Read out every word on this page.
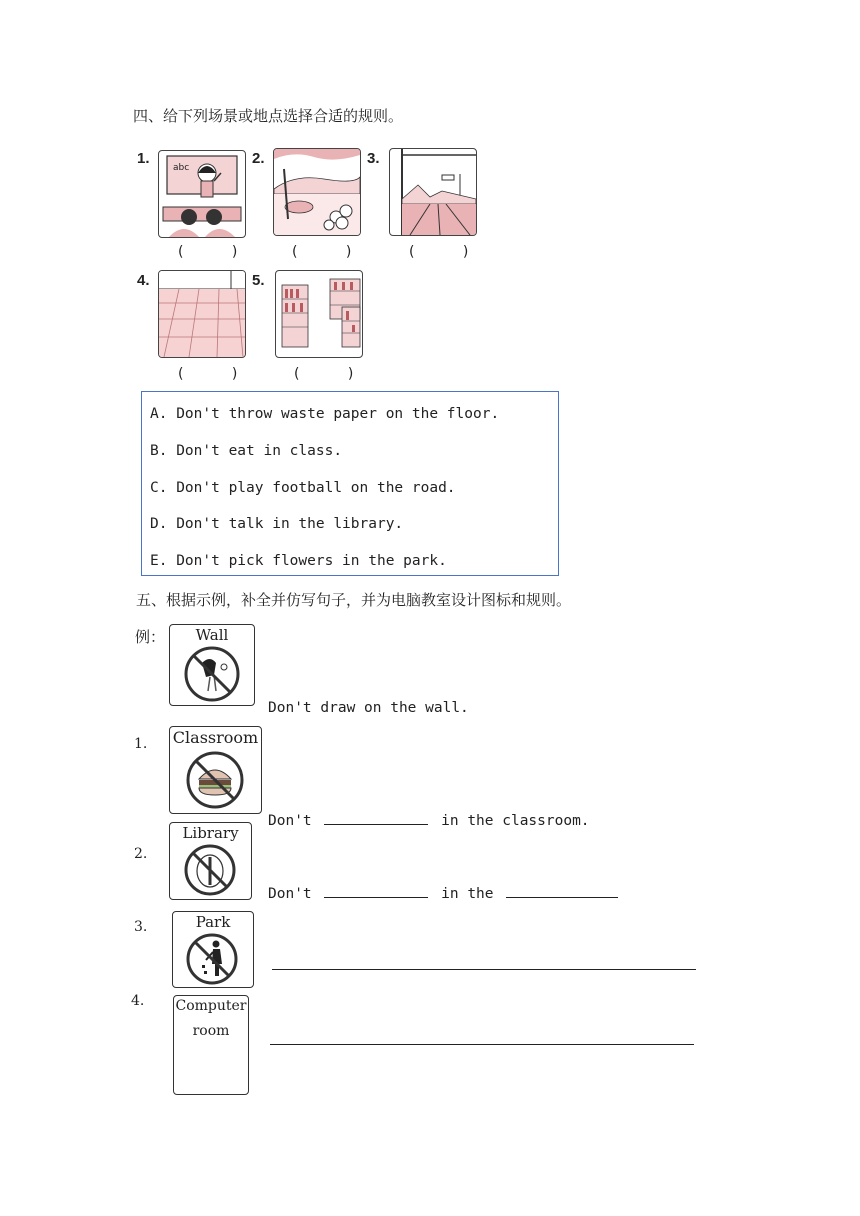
四、给下列场景或地点选择合适的规则。
1.
abc
( )
2.
( )
3.
( )
4.
( )
5.
( )
A. Don't throw waste paper on the floor.
B. Don't eat in class.
C. Don't play football on the road.
D. Don't talk in the library.
E. Don't pick flowers in the park.
五、根据示例，补全并仿写句子，并为电脑教室设计图标和规则。
例：	Wall
Don't draw on the wall.
1. Classroom
Don't	in the classroom.
2.
Library
Don't	in the
3.	Park
4. Computer
room
